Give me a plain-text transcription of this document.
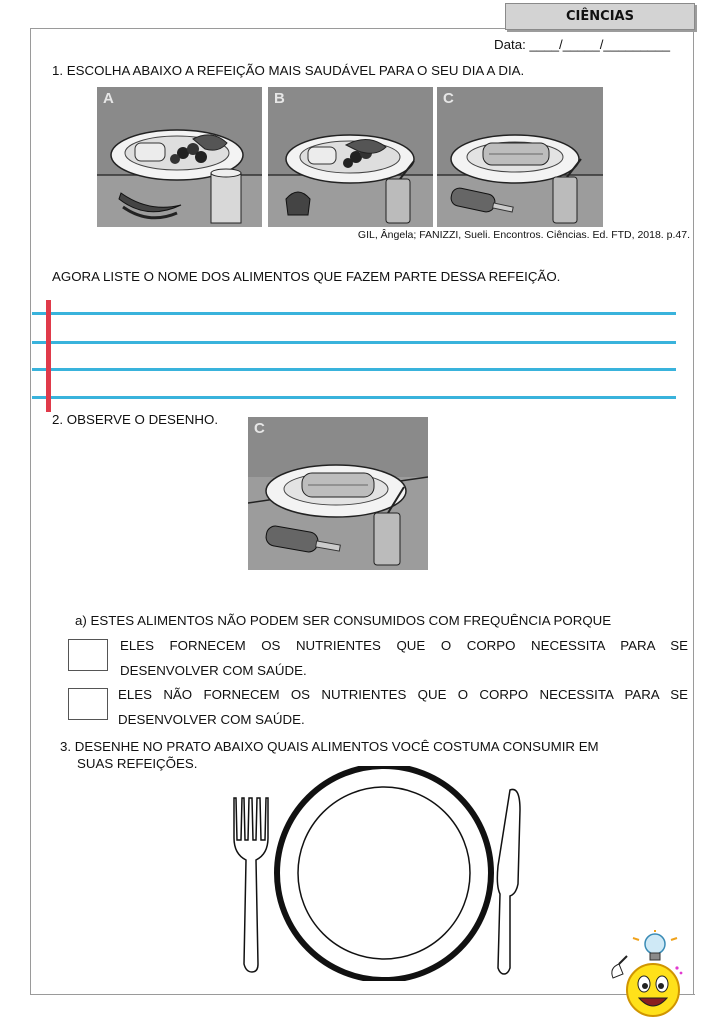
CIÊNCIAS
Data: ____/_____/_________
1. ESCOLHA ABAIXO A REFEIÇÃO MAIS SAUDÁVEL PARA O SEU DIA A DIA.
A	B	C
GIL, Ângela; FANIZZI, Sueli. Encontros. Ciências. Ed. FTD, 2018. p.47.
AGORA LISTE O NOME DOS ALIMENTOS QUE FAZEM PARTE DESSA REFEIÇÃO.
2. OBSERVE O DESENHO.
C
a) ESTES ALIMENTOS NÃO PODEM SER CONSUMIDOS COM FREQUÊNCIA PORQUE
ELES FORNECEM OS NUTRIENTES QUE O CORPO NECESSITA PARA SE
DESENVOLVER COM SAÚDE.
ELES NÃO FORNECEM OS NUTRIENTES QUE O CORPO NECESSITA PARA SE
DESENVOLVER COM SAÚDE.
3. DESENHE NO PRATO ABAIXO QUAIS ALIMENTOS VOCÊ COSTUMA CONSUMIR EM
SUAS REFEIÇÕES.
